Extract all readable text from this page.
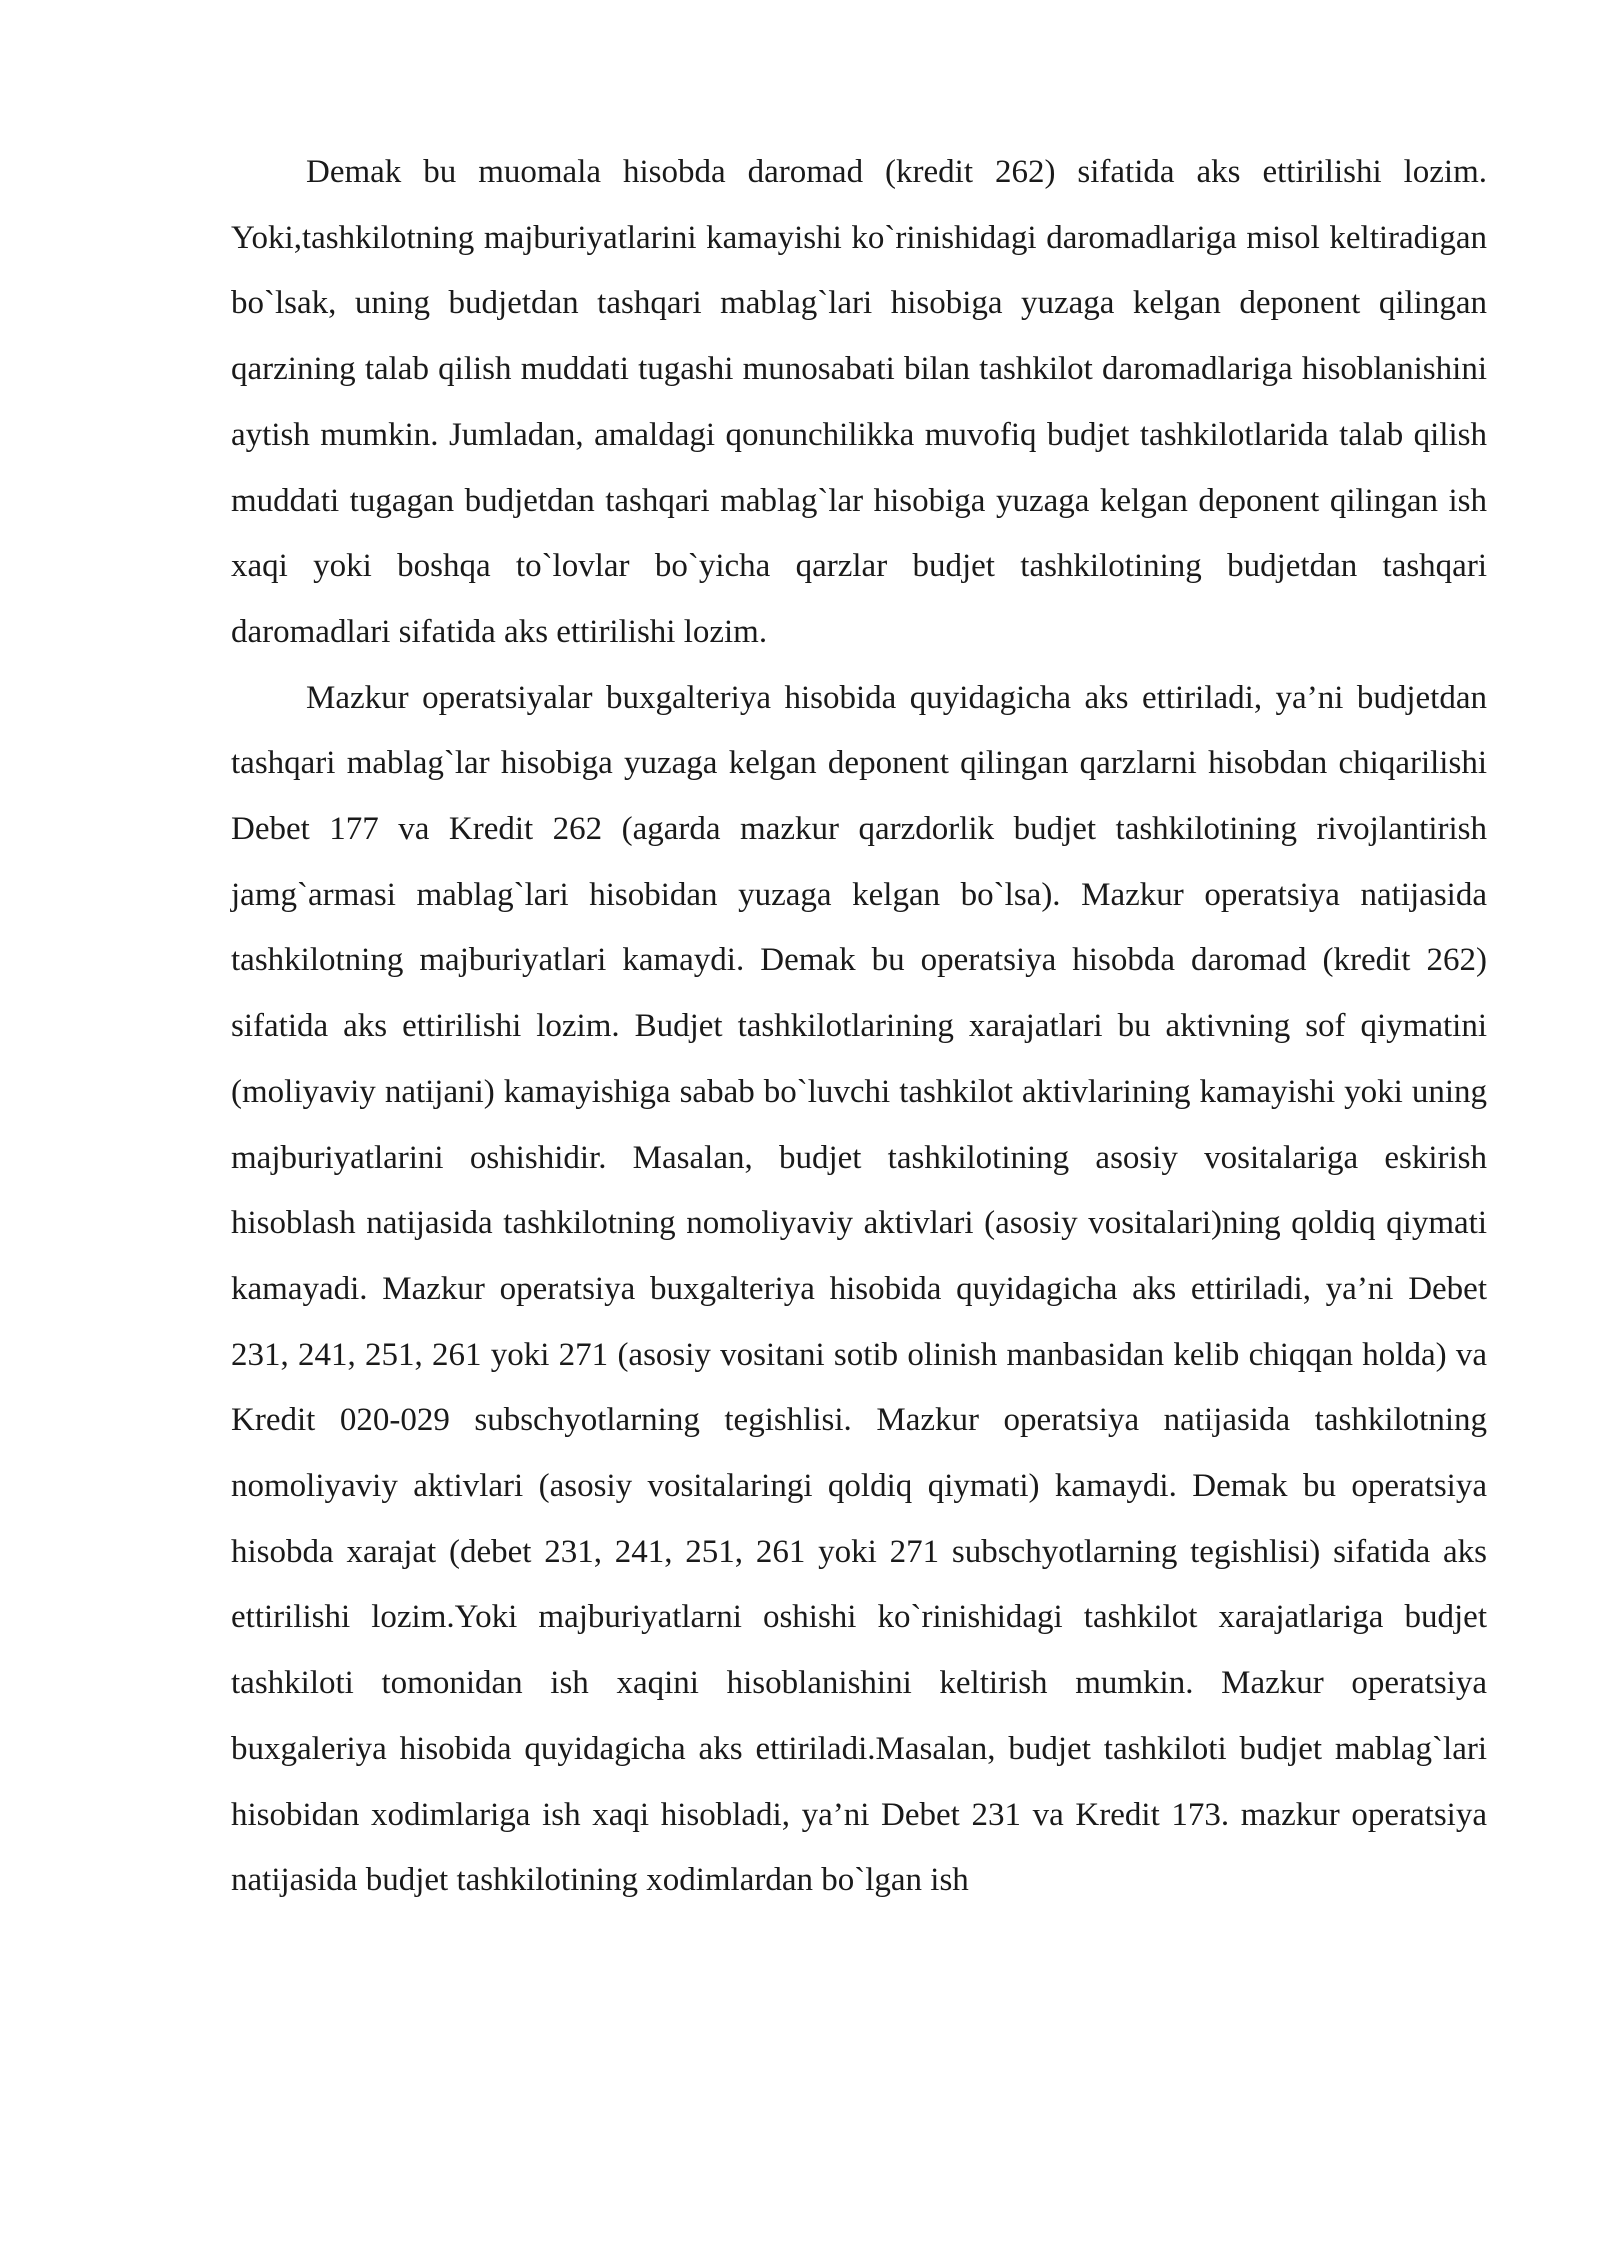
Demak bu muomala hisobda daromad (kredit 262) sifatida aks ettirilishi lozim. Yoki,tashkilotning majburiyatlarini kamayishi ko`rinishidagi daromadlariga misol keltiradigan bo`lsak, uning budjetdan tashqari mablag`lari hisobiga yuzaga kelgan deponent qilingan qarzining talab qilish muddati tugashi munosabati bilan tashkilot daromadlariga hisoblanishini aytish mumkin. Jumladan, amaldagi qonunchilikka muvofiq budjet tashkilotlarida talab qilish muddati tugagan budjetdan tashqari mablag`lar hisobiga yuzaga kelgan deponent qilingan ish xaqi yoki boshqa to`lovlar bo`yicha qarzlar budjet tashkilotining budjetdan tashqari daromadlari sifatida aks ettirilishi lozim.

Mazkur operatsiyalar buxgalteriya hisobida quyidagicha aks ettiriladi, ya’ni budjetdan tashqari mablag`lar hisobiga yuzaga kelgan deponent qilingan qarzlarni hisobdan chiqarilishi Debet 177 va Kredit 262 (agarda mazkur qarzdorlik budjet tashkilotining rivojlantirish jamg`armasi mablag`lari hisobidan yuzaga kelgan bo`lsa). Mazkur operatsiya natijasida tashkilotning majburiyatlari kamaydi. Demak bu operatsiya hisobda daromad (kredit 262) sifatida aks ettirilishi lozim. Budjet tashkilotlarining xarajatlari bu aktivning sof qiymatini (moliyaviy natijani) kamayishiga sabab bo`luvchi tashkilot aktivlarining kamayishi yoki uning majburiyatlarini oshishidir. Masalan, budjet tashkilotining asosiy vositalariga eskirish hisoblash natijasida tashkilotning nomoliyaviy aktivlari (asosiy vositalari)ning qoldiq qiymati kamayadi. Mazkur operatsiya buxgalteriya hisobida quyidagicha aks ettiriladi, ya’ni Debet 231, 241, 251, 261 yoki 271 (asosiy vositani sotib olinish manbasidan kelib chiqqan holda) va Kredit 020-029 subschyotlarning tegishlisi. Mazkur operatsiya natijasida tashkilotning nomoliyaviy aktivlari (asosiy vositalaringi qoldiq qiymati) kamaydi. Demak bu operatsiya hisobda xarajat (debet 231, 241, 251, 261 yoki 271 subschyotlarning tegishlisi) sifatida aks ettirilishi lozim.Yoki majburiyatlarni oshishi ko`rinishidagi tashkilot xarajatlariga budjet tashkiloti tomonidan ish xaqini hisoblanishini keltirish mumkin. Mazkur operatsiya buxgaleriya hisobida quyidagicha aks ettiriladi.Masalan, budjet tashkiloti budjet mablag`lari hisobidan xodimlariga ish xaqi hisobladi, ya’ni Debet 231 va Kredit 173. mazkur operatsiya natijasida budjet tashkilotining xodimlardan bo`lgan ish
